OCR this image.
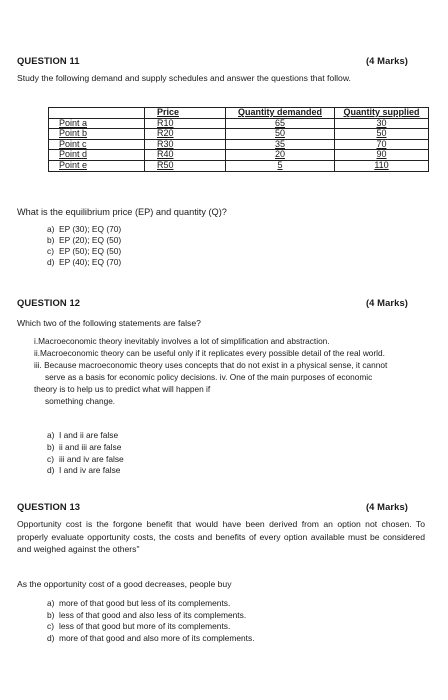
QUESTION 11	(4 Marks)
Study the following demand and supply schedules and answer the questions that follow.
	Price	Quantity demanded	Quantity supplied
Point a	R10	65	30
Point b	R20	50	50
Point c	R30	35	70
Point d	R40	20	90
Point e	R50	5	110
What is the equilibrium price (EP) and quantity (Q)?
a) EP (30); EQ (70)
b) EP (20); EQ (50)
c) EP (50); EQ (50)
d) EP (40); EQ (70)
QUESTION 12	(4 Marks)
Which two of the following statements are false?
i.Macroeconomic theory inevitably involves a lot of simplification and abstraction.
ii.Macroeconomic theory can be useful only if it replicates every possible detail of the real world.
iii. Because macroeconomic theory uses concepts that do not exist in a physical sense, it cannot
serve as a basis for economic policy decisions. iv. One of the main purposes of economic
theory is to help us to predict what will happen if
something change.
a) I and ii are false
b) ii and iii are false
c) iii and iv are false
d) I and iv are false
QUESTION 13	(4 Marks)
Opportunity cost is the forgone benefit that would have been derived from an option not chosen. To properly evaluate opportunity costs, the costs and benefits of every option available must be considered and weighed against the others"
As the opportunity cost of a good decreases, people buy
a) more of that good but less of its complements.
b) less of that good and also less of its complements.
c) less of that good but more of its complements.
d) more of that good and also more of its complements.
